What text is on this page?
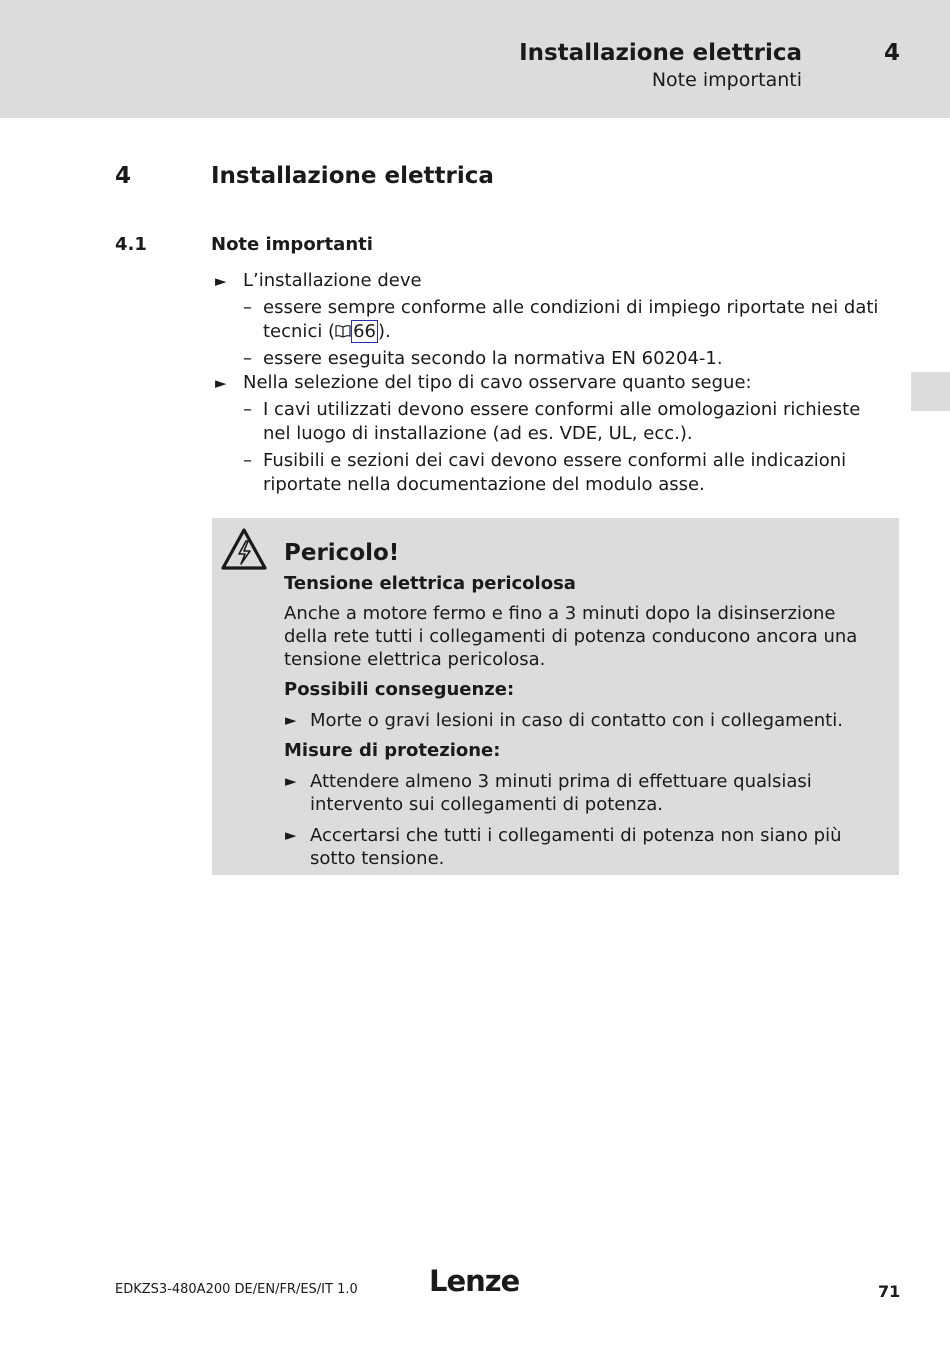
Installazione elettrica
Note importanti
4
4	Installazione elettrica
4.1	Note importanti
► L’installazione deve
– essere sempre conforme alle condizioni di impiego riportate nei dati tecnici ( 66 ).
– essere eseguita secondo la normativa EN 60204-1.
► Nella selezione del tipo di cavo osservare quanto segue:
– I cavi utilizzati devono essere conformi alle omologazioni richieste nel luogo di installazione (ad es. VDE, UL, ecc.).
– Fusibili e sezioni dei cavi devono essere conformi alle indicazioni riportate nella documentazione del modulo asse.
Pericolo!
Tensione elettrica pericolosa
Anche a motore fermo e fino a 3 minuti dopo la disinserzione della rete tutti i collegamenti di potenza conducono ancora una tensione elettrica pericolosa.
Possibili conseguenze:
► Morte o gravi lesioni in caso di contatto con i collegamenti.
Misure di protezione:
► Attendere almeno 3 minuti prima di effettuare qualsiasi intervento sui collegamenti di potenza.
► Accertarsi che tutti i collegamenti di potenza non siano più sotto tensione.
EDKZS3-480A200 DE/EN/FR/ES/IT 1.0 Lenze	71
